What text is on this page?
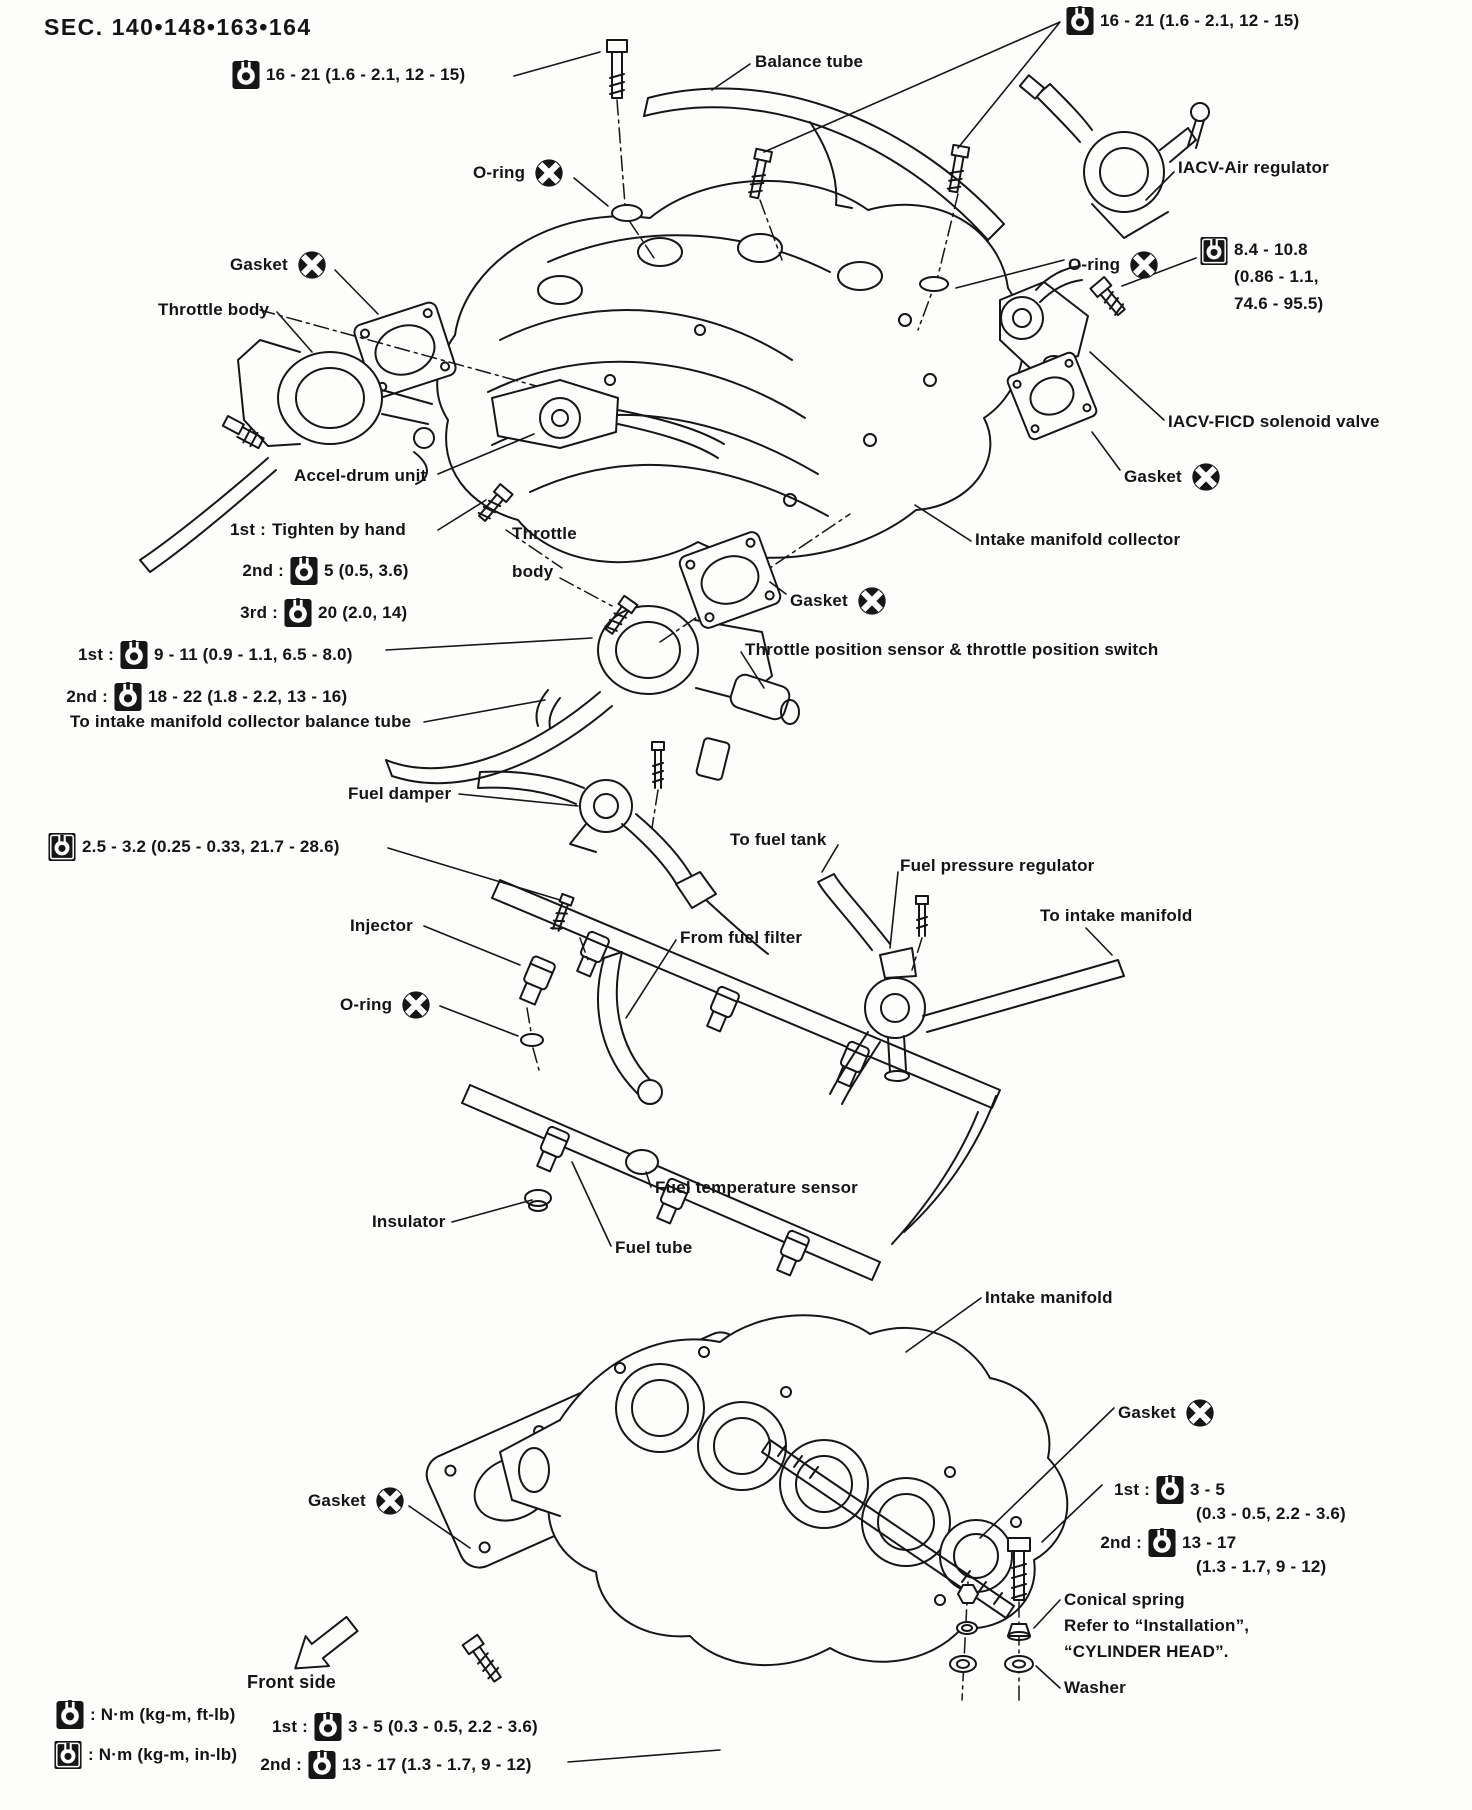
SEC. 140•148•163•164
16 - 21 (1.6 - 2.1, 12 - 15)
16 - 21 (1.6 - 2.1, 12 - 15)
Balance tube
O-ring	IACV-Air regulator
Gasket	O-ring
8.4 - 10.8
(0.86 - 1.1,
74.6 - 95.5)
Throttle body
IACV-FICD solenoid valve
Gasket
Accel-drum unit
1st : Tighten by hand
2nd : 5 (0.5, 3.6)
3rd : 20 (2.0, 14)
Throttle
body
Intake manifold collector
Gasket
1st : 9 - 11 (0.9 - 1.1, 6.5 - 8.0)
2nd : 18 - 22 (1.8 - 2.2, 13 - 16)
Throttle position sensor & throttle position switch
To intake manifold collector balance tube
Fuel damper
2.5 - 3.2 (0.25 - 0.33, 21.7 - 28.6)	To fuel tank
Fuel pressure regulator
Injector
From fuel filter
To intake manifold
O-ring
Fuel temperature sensor
Insulator
Fuel tube
Intake manifold
Gasket
1st : 3 - 5
(0.3 - 0.5, 2.2 - 3.6)
2nd : 13 - 17
(1.3 - 1.7, 9 - 12)
Conical spring
Refer to “Installation”,
“CYLINDER HEAD”.
Washer
Gasket
Front side
: N·m (kg-m, ft-lb)
: N·m (kg-m, in-lb)
1st : 3 - 5 (0.3 - 0.5, 2.2 - 3.6)
2nd : 13 - 17 (1.3 - 1.7, 9 - 12)
